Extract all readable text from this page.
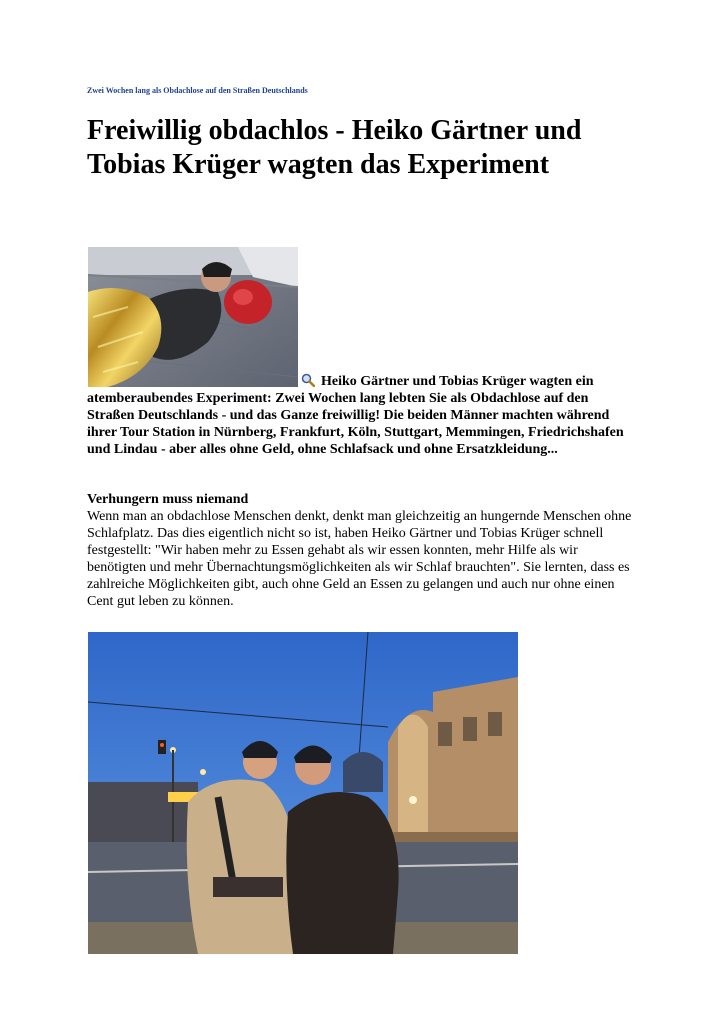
Zwei Wochen lang als Obdachlose auf den Straßen Deutschlands
Freiwillig obdachlos - Heiko Gärtner und Tobias Krüger wagten das Experiment
Heiko Gärtner und Tobias Krüger wagten ein atemberaubendes Experiment: Zwei Wochen lang lebten Sie als Obdachlose auf den Straßen Deutschlands - und das Ganze freiwillig! Die beiden Männer machten während ihrer Tour Station in Nürnberg, Frankfurt, Köln, Stuttgart, Memmingen, Friedrichshafen und Lindau - aber alles ohne Geld, ohne Schlafsack und ohne Ersatzkleidung...
Verhungern muss niemand
Wenn man an obdachlose Menschen denkt, denkt man gleichzeitig an hungernde Menschen ohne Schlafplatz. Das dies eigentlich nicht so ist, haben Heiko Gärtner und Tobias Krüger schnell festgestellt: "Wir haben mehr zu Essen gehabt als wir essen konnten, mehr Hilfe als wir benötigten und mehr Übernachtungsmöglichkeiten als wir Schlaf brauchten". Sie lernten, dass es zahlreiche Möglichkeiten gibt, auch ohne Geld an Essen zu gelangen und auch nur ohne einen Cent gut leben zu können.
